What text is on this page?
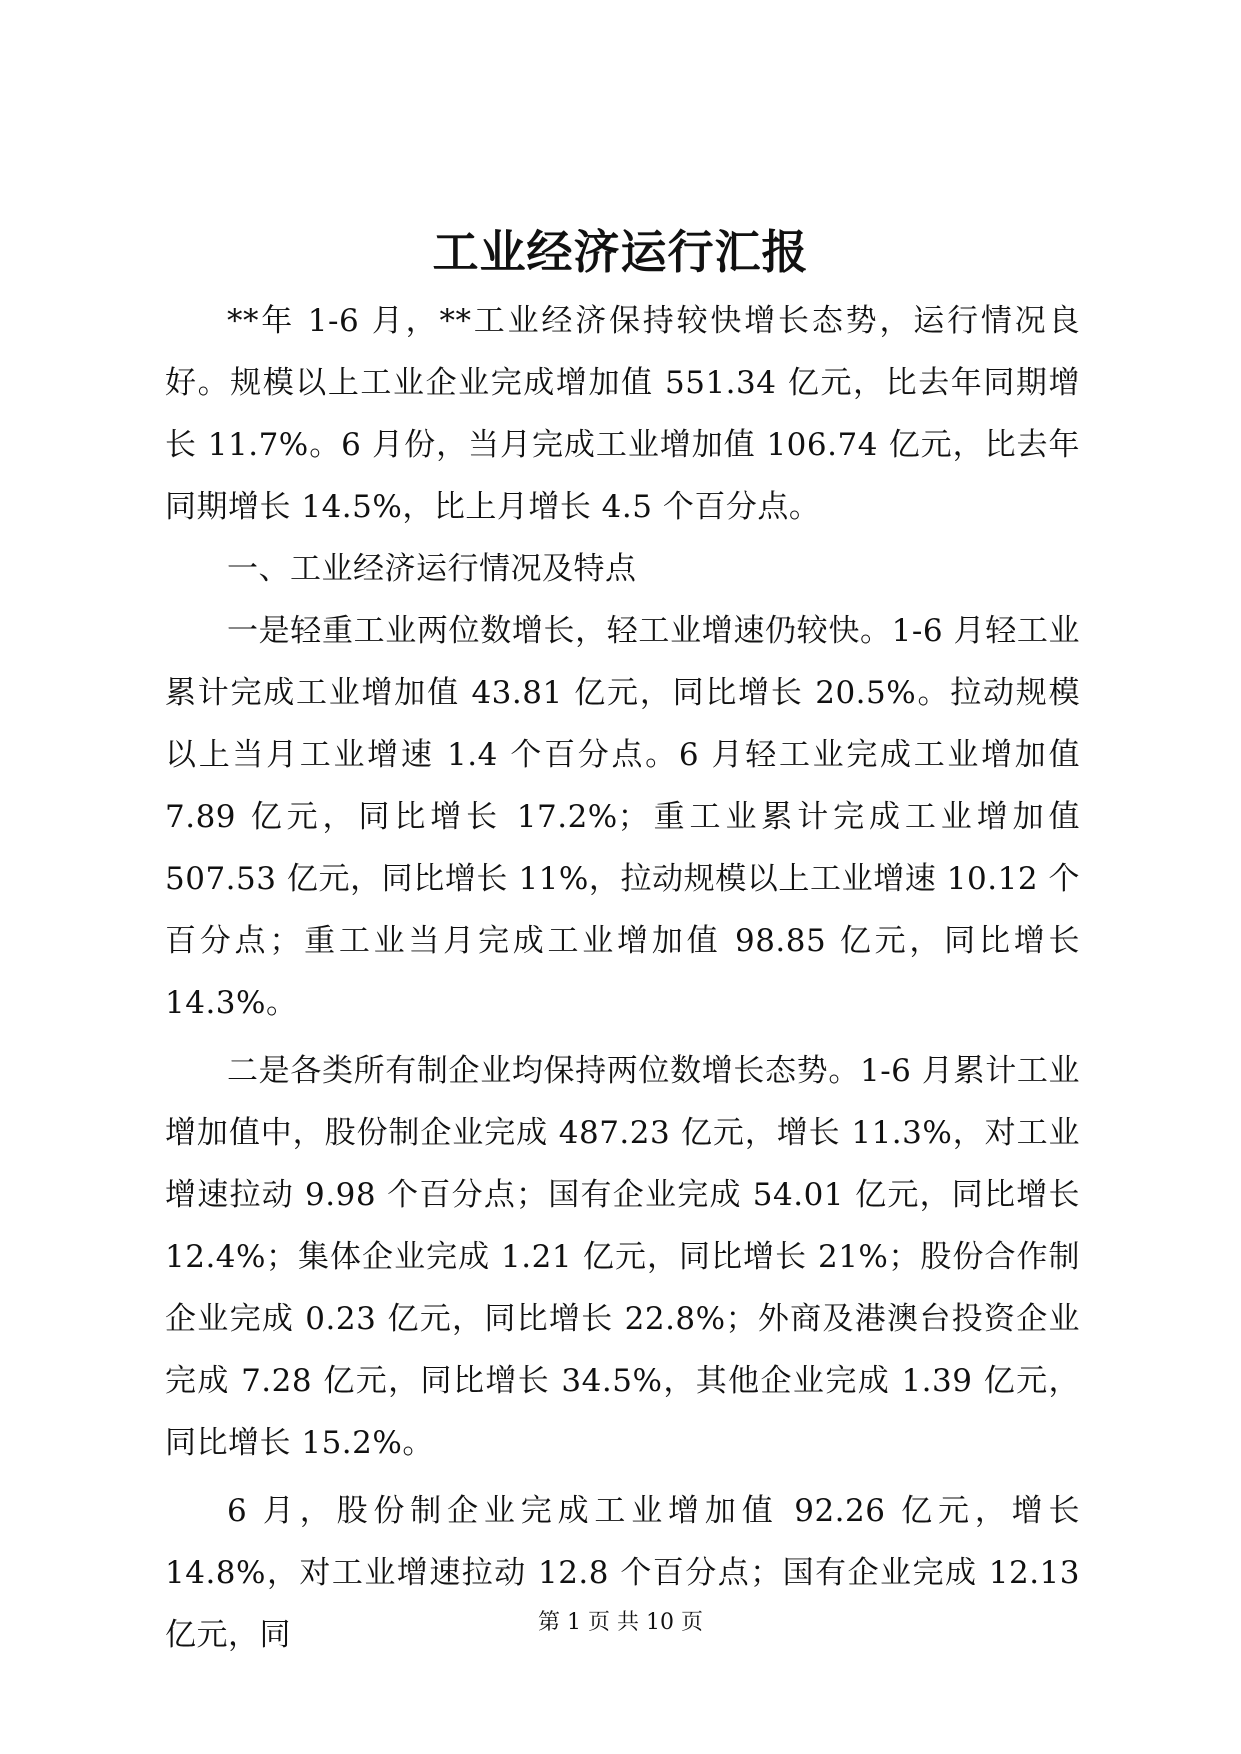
工业经济运行汇报

**年 1-6 月，**工业经济保持较快增长态势，运行情况良好。规模以上工业企业完成增加值 551.34 亿元，比去年同期增长 11.7%。6 月份，当月完成工业增加值 106.74 亿元，比去年同期增长 14.5%，比上月增长 4.5 个百分点。

一、工业经济运行情况及特点

一是轻重工业两位数增长，轻工业增速仍较快。1-6 月轻工业累计完成工业增加值 43.81 亿元，同比增长 20.5%。拉动规模以上当月工业增速 1.4 个百分点。6 月轻工业完成工业增加值 7.89 亿元，同比增长 17.2%；重工业累计完成工业增加值 507.53 亿元，同比增长 11%，拉动规模以上工业增速 10.12 个百分点；重工业当月完成工业增加值 98.85 亿元，同比增长 14.3%。

二是各类所有制企业均保持两位数增长态势。1-6 月累计工业增加值中，股份制企业完成 487.23 亿元，增长 11.3%，对工业增速拉动 9.98 个百分点；国有企业完成 54.01 亿元，同比增长 12.4%；集体企业完成 1.21 亿元，同比增长 21%；股份合作制企业完成 0.23 亿元，同比增长 22.8%；外商及港澳台投资企业完成 7.28 亿元，同比增长 34.5%，其他企业完成 1.39 亿元，同比增长 15.2%。

6 月，股份制企业完成工业增加值 92.26 亿元，增长 14.8%，对工业增速拉动 12.8 个百分点；国有企业完成 12.13 亿元，同	第 1 页 共 10 页
